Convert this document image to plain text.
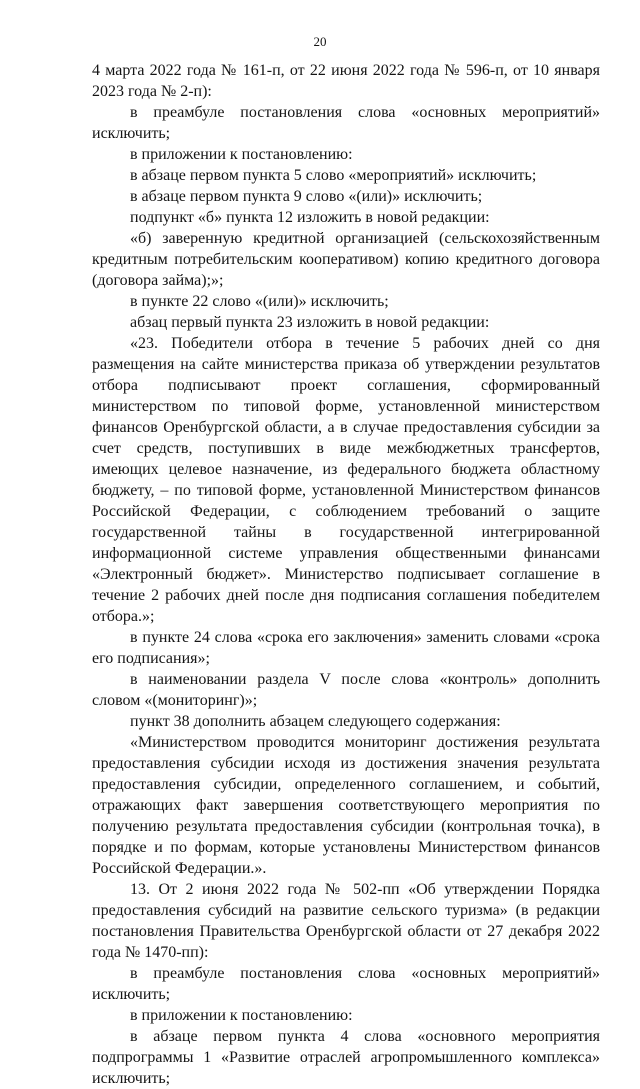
20

4 марта 2022 года № 161-п, от 22 июня 2022 года № 596-п, от 10 января 2023 года № 2-п):

в преамбуле постановления слова «основных мероприятий» исключить;

в приложении к постановлению:

в абзаце первом пункта 5 слово «мероприятий» исключить;

в абзаце первом пункта 9 слово «(или)» исключить;

подпункт «б» пункта 12 изложить в новой редакции:

«б) заверенную кредитной организацией (сельскохозяйственным кредитным потребительским кооперативом) копию кредитного договора (договора займа);»;

в пункте 22 слово «(или)» исключить;

абзац первый пункта 23 изложить в новой редакции:

«23. Победители отбора в течение 5 рабочих дней со дня размещения на сайте министерства приказа об утверждении результатов отбора подписывают проект соглашения, сформированный министерством по типовой форме, установленной министерством финансов Оренбургской области, а в случае предоставления субсидии за счет средств, поступивших в виде межбюджетных трансфертов, имеющих целевое назначение, из федерального бюджета областному бюджету, – по типовой форме, установленной Министерством финансов Российской Федерации, с соблюдением требований о защите государственной тайны в государственной интегрированной информационной системе управления общественными финансами «Электронный бюджет». Министерство подписывает соглашение в течение 2 рабочих дней после дня подписания соглашения победителем отбора.»;

в пункте 24 слова «срока его заключения» заменить словами «срока его подписания»;

в наименовании раздела V после слова «контроль» дополнить словом «(мониторинг)»;

пункт 38 дополнить абзацем следующего содержания:

«Министерством проводится мониторинг достижения результата предоставления субсидии исходя из достижения значения результата предоставления субсидии, определенного соглашением, и событий, отражающих факт завершения соответствующего мероприятия по получению результата предоставления субсидии (контрольная точка), в порядке и по формам, которые установлены Министерством финансов Российской Федерации.».

13. От 2 июня 2022 года № 502-пп «Об утверждении Порядка предоставления субсидий на развитие сельского туризма» (в редакции постановления Правительства Оренбургской области от 27 декабря 2022 года № 1470-пп):

в преамбуле постановления слова «основных мероприятий» исключить;

в приложении к постановлению:

в абзаце первом пункта 4 слова «основного мероприятия подпрограммы 1 «Развитие отраслей агропромышленного комплекса» исключить;
